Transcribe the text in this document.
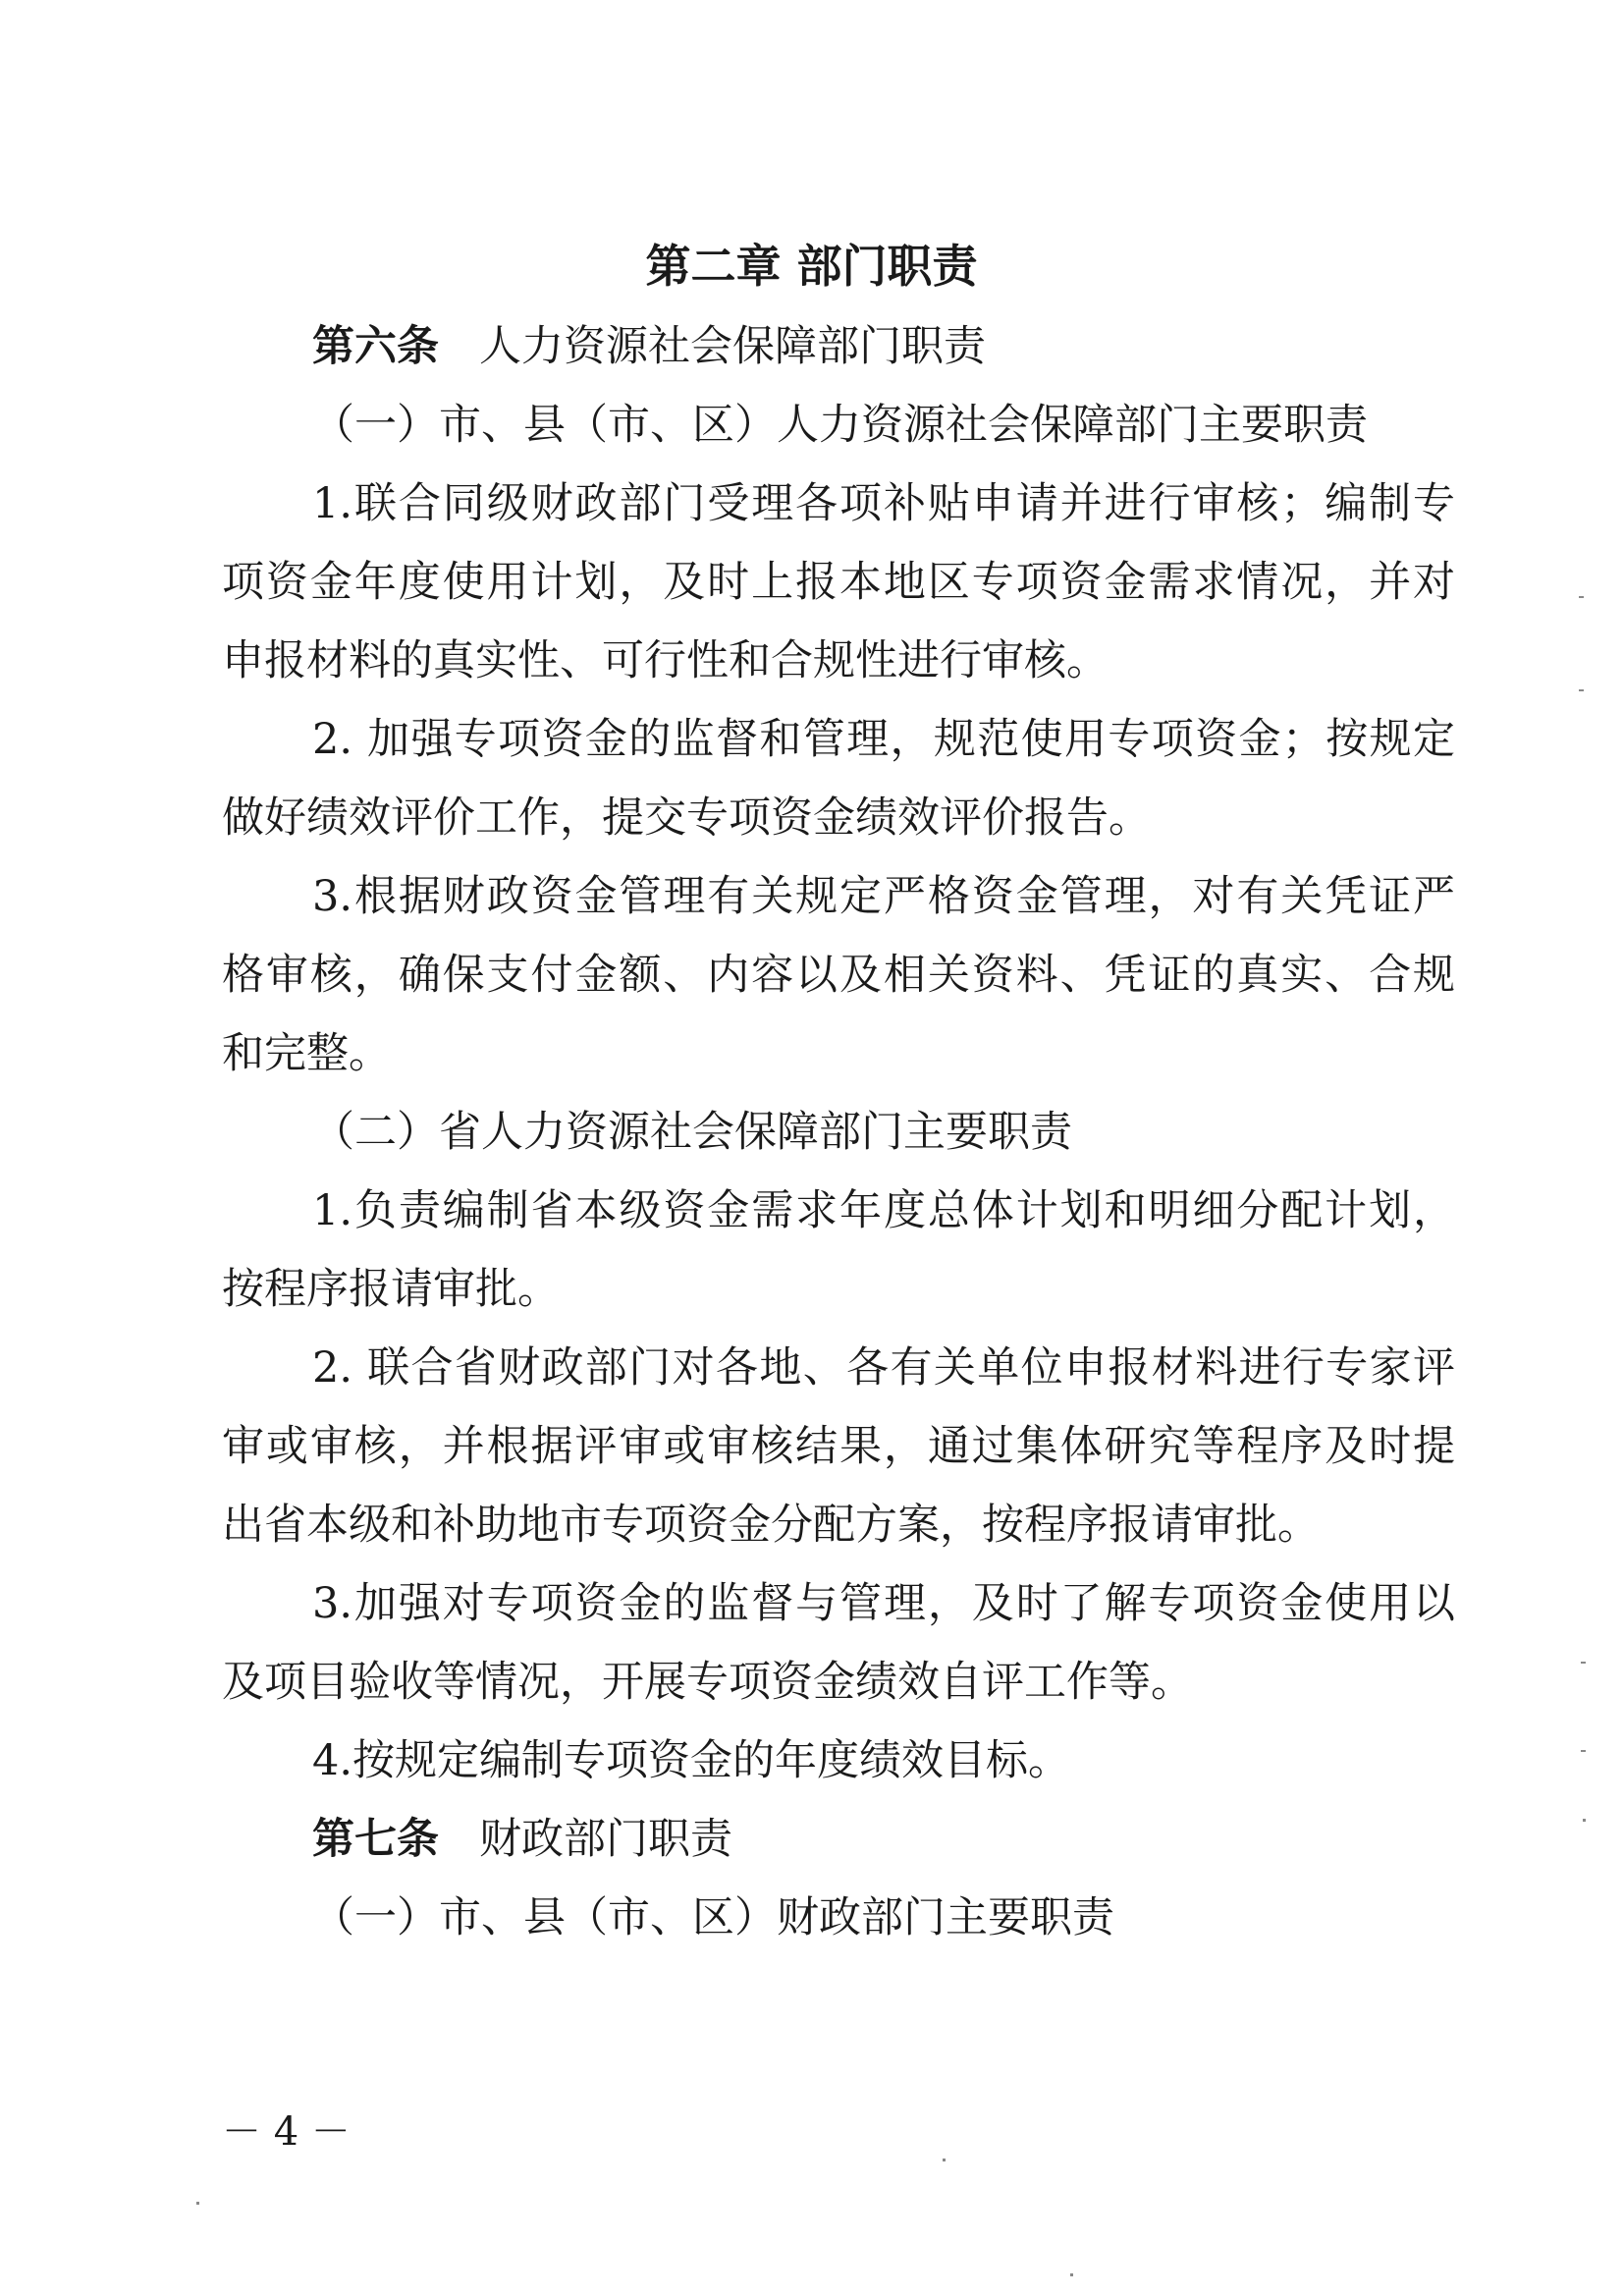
第二章 部门职责
第六条 人力资源社会保障部门职责
（一）市、县（市、区）人力资源社会保障部门主要职责
1.联合同级财政部门受理各项补贴申请并进行审核；编制专
项资金年度使用计划，及时上报本地区专项资金需求情况，并对
申报材料的真实性、可行性和合规性进行审核。
2. 加强专项资金的监督和管理，规范使用专项资金；按规定
做好绩效评价工作，提交专项资金绩效评价报告。
3.根据财政资金管理有关规定严格资金管理，对有关凭证严
格审核，确保支付金额、内容以及相关资料、凭证的真实、合规
和完整。
（二）省人力资源社会保障部门主要职责
1.负责编制省本级资金需求年度总体计划和明细分配计划，
按程序报请审批。
2. 联合省财政部门对各地、各有关单位申报材料进行专家评
审或审核，并根据评审或审核结果，通过集体研究等程序及时提
出省本级和补助地市专项资金分配方案，按程序报请审批。
3.加强对专项资金的监督与管理，及时了解专项资金使用以
及项目验收等情况，开展专项资金绩效自评工作等。
4.按规定编制专项资金的年度绩效目标。
第七条 财政部门职责
（一）市、县（市、区）财政部门主要职责
－ 4 －
